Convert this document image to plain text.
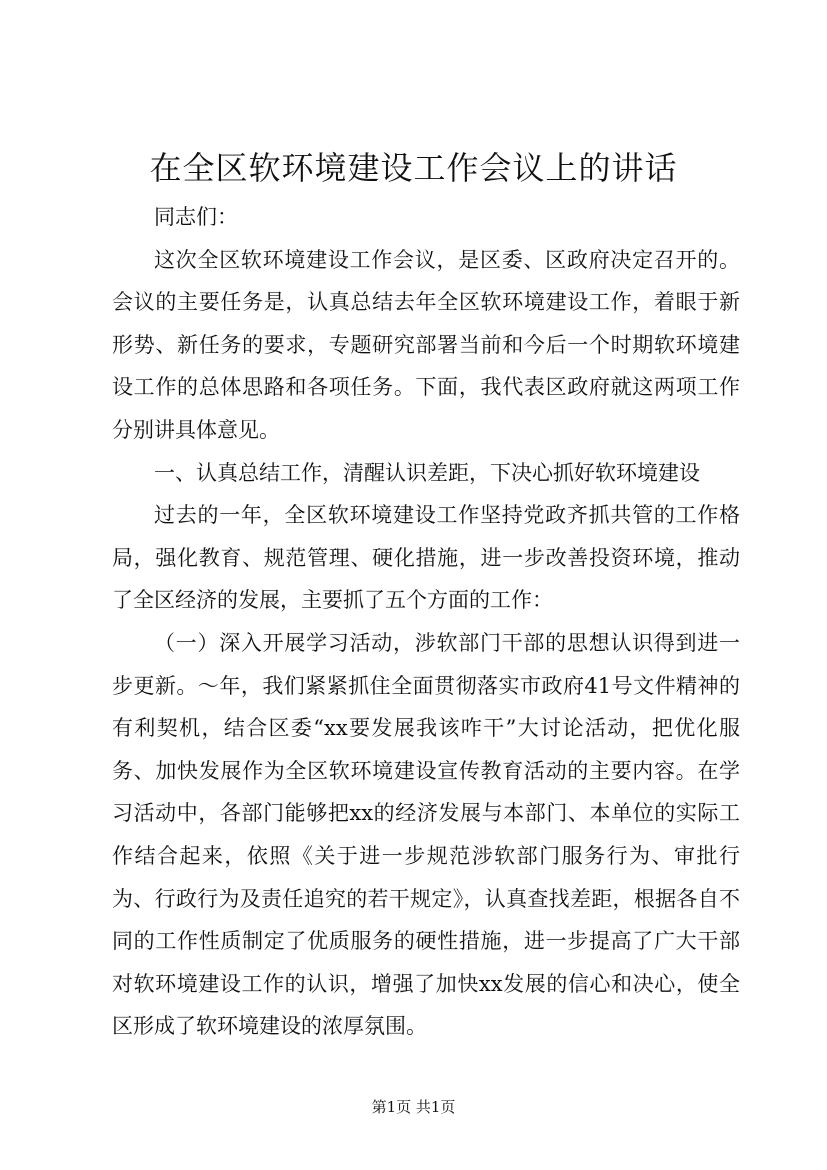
在全区软环境建设工作会议上的讲话

同志们：

这次全区软环境建设工作会议，是区委、区政府决定召开的。会议的主要任务是，认真总结去年全区软环境建设工作，着眼于新形势、新任务的要求，专题研究部署当前和今后一个时期软环境建设工作的总体思路和各项任务。下面，我代表区政府就这两项工作分别讲具体意见。

一、认真总结工作，清醒认识差距，下决心抓好软环境建设

过去的一年，全区软环境建设工作坚持党政齐抓共管的工作格局，强化教育、规范管理、硬化措施，进一步改善投资环境，推动了全区经济的发展，主要抓了五个方面的工作：

（一）深入开展学习活动，涉软部门干部的思想认识得到进一步更新。～年，我们紧紧抓住全面贯彻落实市政府41号文件精神的有利契机，结合区委“xx要发展我该咋干”大讨论活动，把优化服务、加快发展作为全区软环境建设宣传教育活动的主要内容。在学习活动中，各部门能够把xx的经济发展与本部门、本单位的实际工作结合起来，依照《关于进一步规范涉软部门服务行为、审批行为、行政行为及责任追究的若干规定》，认真查找差距，根据各自不同的工作性质制定了优质服务的硬性措施，进一步提高了广大干部对软环境建设工作的认识，增强了加快xx发展的信心和决心，使全区形成了软环境建设的浓厚氛围。

第1页 共1页
